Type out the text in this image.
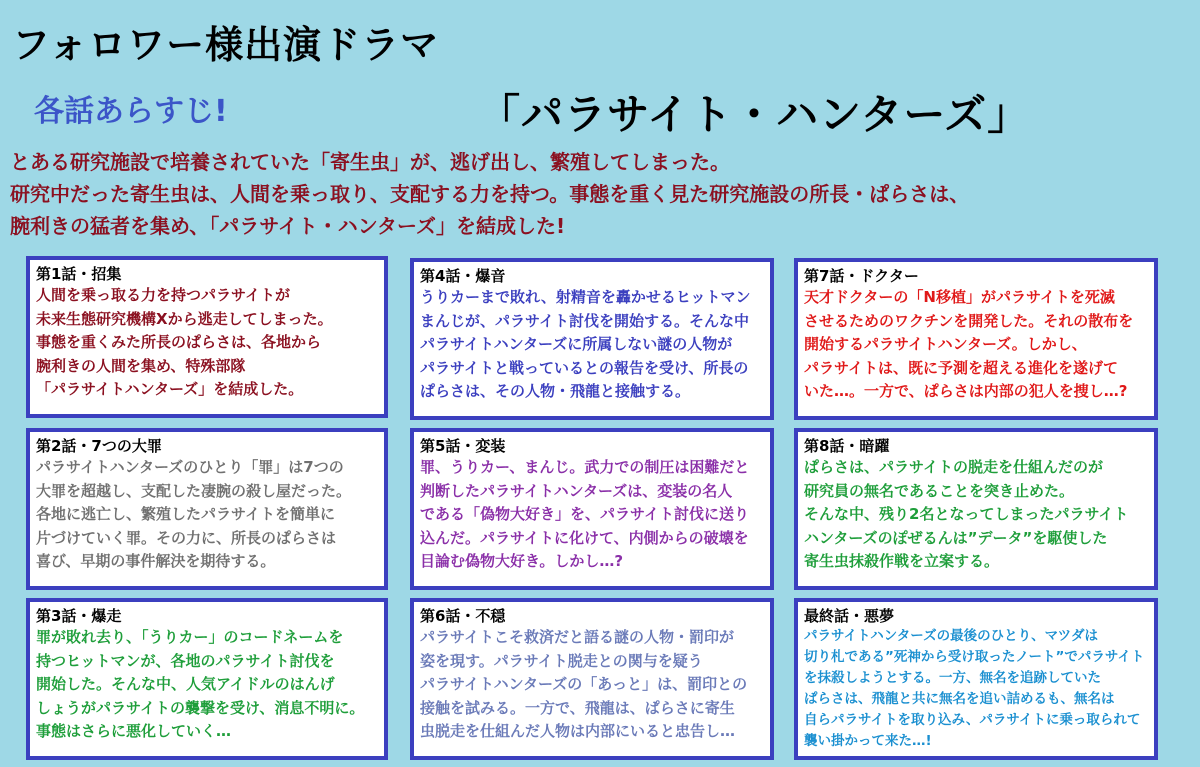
フォロワー様出演ドラマ
各話あらすじ!	「パラサイト・ハンターズ」
とある研究施設で培養されていた「寄生虫」が、逃げ出し、繁殖してしまった。
研究中だった寄生虫は、人間を乗っ取り、支配する力を持つ。事態を重く見た研究施設の所長・ぱらさは、
腕利きの猛者を集め、「パラサイト・ハンターズ」を結成した!
第1話・招集
人間を乗っ取る力を持つパラサイトが
未来生態研究機構Xから逃走してしまった。
事態を重くみた所長のぱらさは、各地から
腕利きの人間を集め、特殊部隊
「パラサイトハンターズ」を結成した。
第2話・7つの大罪
パラサイトハンターズのひとり「罪」は7つの
大罪を超越し、支配した凄腕の殺し屋だった。
各地に逃亡し、繁殖したパラサイトを簡単に
片づけていく罪。その力に、所長のぱらさは
喜び、早期の事件解決を期待する。
第3話・爆走
罪が敗れ去り、「うりカー」のコードネームを
持つヒットマンが、各地のパラサイト討伐を
開始した。そんな中、人気アイドルのはんげ
しょうがパラサイトの襲撃を受け、消息不明に。
事態はさらに悪化していく…
第4話・爆音
うりカーまで敗れ、射精音を轟かせるヒットマン
まんじが、パラサイト討伐を開始する。そんな中
パラサイトハンターズに所属しない謎の人物が
パラサイトと戦っているとの報告を受け、所長の
ぱらさは、その人物・飛龍と接触する。
第5話・変装
罪、うりカー、まんじ。武力での制圧は困難だと
判断したパラサイトハンターズは、変装の名人
である「偽物大好き」を、パラサイト討伐に送り
込んだ。パラサイトに化けて、内側からの破壊を
目論む偽物大好き。しかし…?
第6話・不穏
パラサイトこそ救済だと語る謎の人物・罰印が
姿を現す。パラサイト脱走との関与を疑う
パラサイトハンターズの「あっと」は、罰印との
接触を試みる。一方で、飛龍は、ぱらさに寄生
虫脱走を仕組んだ人物は内部にいると忠告し…
第7話・ドクター
天才ドクターの「N移植」がパラサイトを死滅
させるためのワクチンを開発した。それの散布を
開始するパラサイトハンターズ。しかし、
パラサイトは、既に予測を超える進化を遂げて
いた…。一方で、ぱらさは内部の犯人を捜し…?
第8話・暗躍
ぱらさは、パラサイトの脱走を仕組んだのが
研究員の無名であることを突き止めた。
そんな中、残り2名となってしまったパラサイト
ハンターズのぽぜるんは”データ”を駆使した
寄生虫抹殺作戦を立案する。
最終話・悪夢
パラサイトハンターズの最後のひとり、マツダは
切り札である”死神から受け取ったノート”でパラサイト
を抹殺しようとする。一方、無名を追跡していた
ぱらさは、飛龍と共に無名を追い詰めるも、無名は
自らパラサイトを取り込み、パラサイトに乗っ取られて
襲い掛かって来た…!
